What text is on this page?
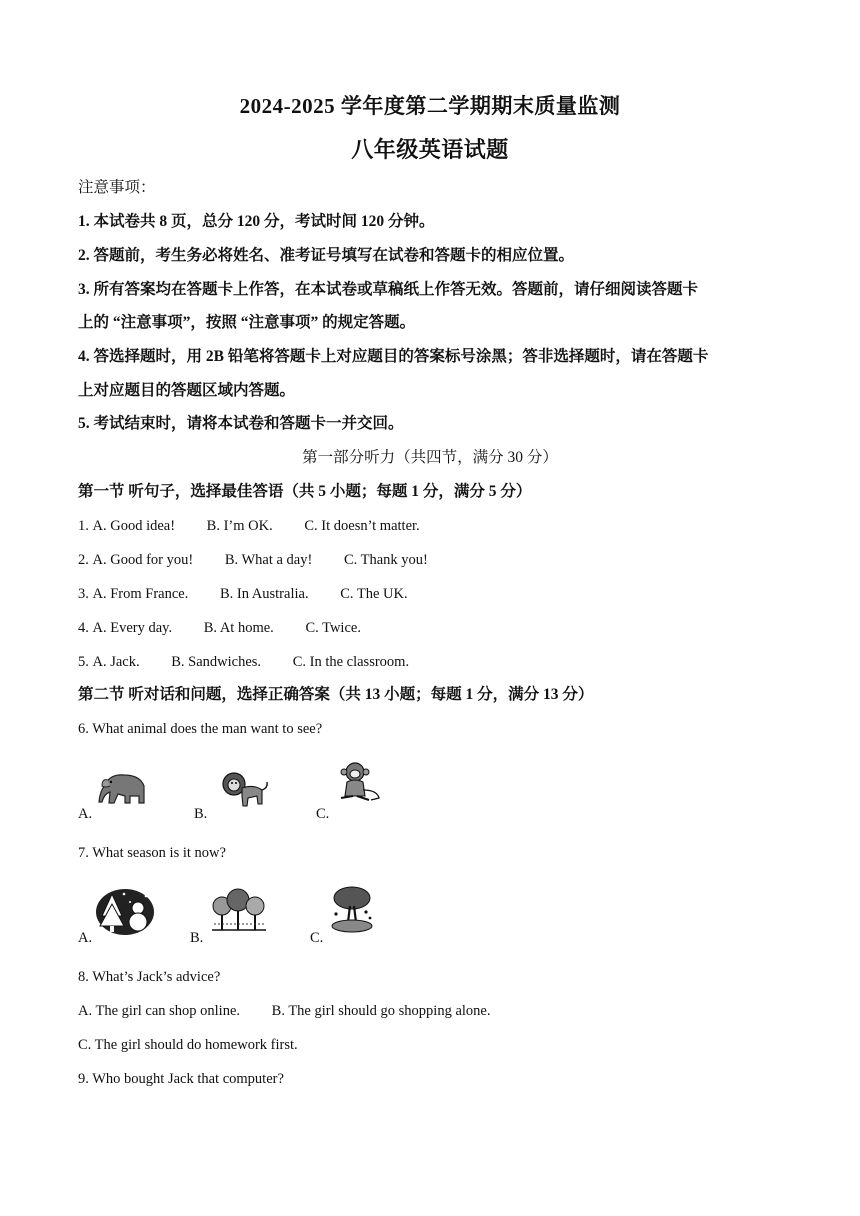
2024-2025 学年度第二学期期末质量监测
八年级英语试题
注意事项：
1. 本试卷共 8 页，总分 120 分，考试时间 120 分钟。
2. 答题前，考生务必将姓名、准考证号填写在试卷和答题卡的相应位置。
3. 所有答案均在答题卡上作答，在本试卷或草稿纸上作答无效。答题前，请仔细阅读答题卡
上的 “注意事项”，按照 “注意事项” 的规定答题。
4. 答选择题时，用 2B 铅笔将答题卡上对应题目的答案标号涂黑；答非选择题时，请在答题卡
上对应题目的答题区域内答题。
5. 考试结束时，请将本试卷和答题卡一并交回。
第一部分听力（共四节，满分 30 分）
第一节 听句子，选择最佳答语（共 5 小题；每题 1 分，满分 5 分）
1. A. Good idea! B. I’m OK. C. It doesn’t matter.
2. A. Good for you! B. What a day! C. Thank you!
3. A. From France. B. In Australia. C. The UK.
4. A. Every day. B. At home. C. Twice.
5. A. Jack. B. Sandwiches. C. In the classroom.
第二节 听对话和问题，选择正确答案（共 13 小题；每题 1 分，满分 13 分）
6. What animal does the man want to see?
A.	B.	C.
7. What season is it now?
A.	B.	C.
8. What’s Jack’s advice?
A. The girl can shop online. B. The girl should go shopping alone.
C. The girl should do homework first.
9. Who bought Jack that computer?
